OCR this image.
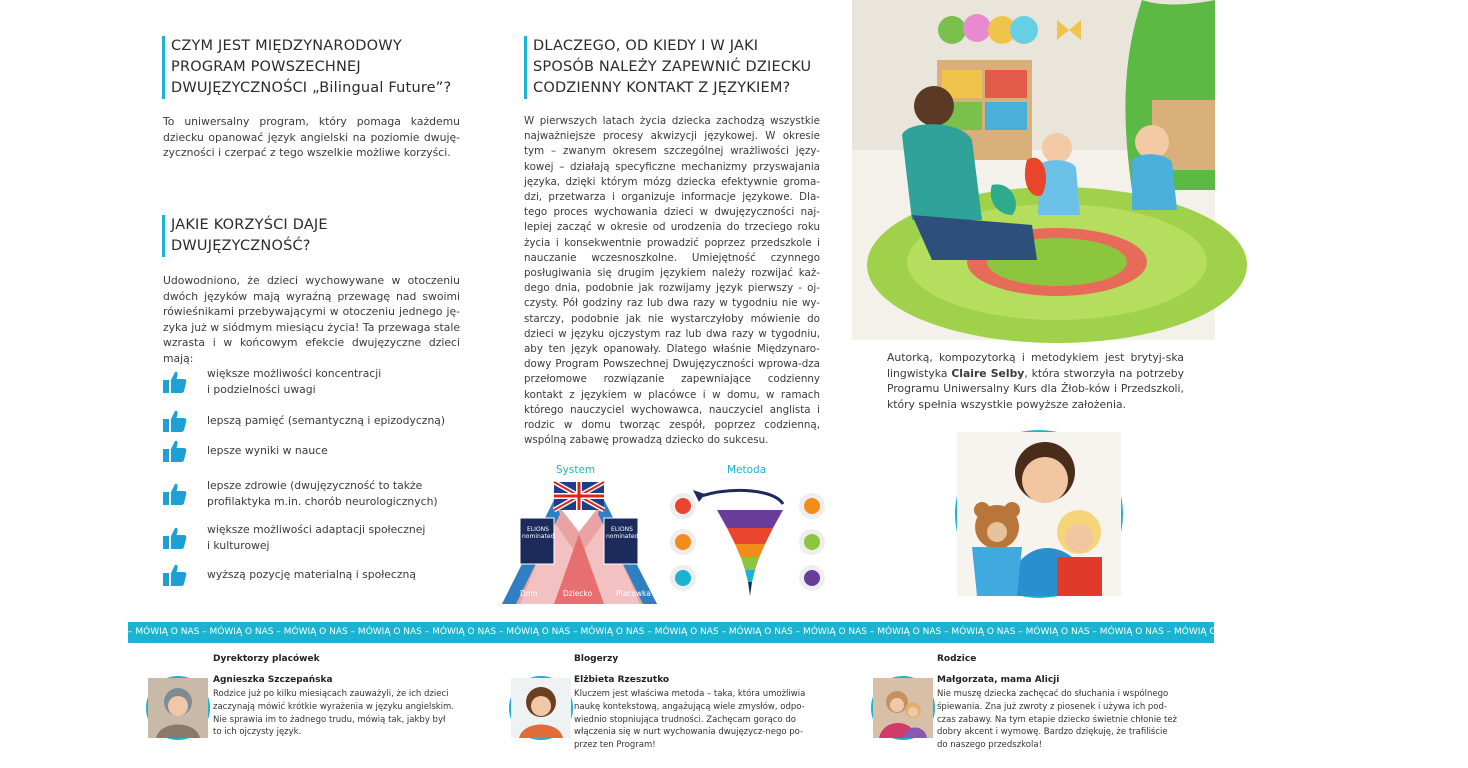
CZYM JEST MIĘDZYNARODOWY
PROGRAM POWSZECHNEJ
DWUJĘZYCZNOŚCI „Bilingual Future”?
To uniwersalny program, który pomaga każdemu dziecku opanować język angielski na poziomie dwuję-zyczności i czerpać z tego wszelkie możliwe korzyści.
JAKIE KORZYŚCI DAJE
DWUJĘZYCZNOŚĆ?
Udowodniono, że dzieci wychowywane w otoczeniu dwóch języków mają wyraźną przewagę nad swoimi rówieśnikami przebywającymi w otoczeniu jednego ję-zyka już w siódmym miesiącu życia! Ta przewaga stale wzrasta i w końcowym efekcie dwujęzyczne dzieci mają:
większe możliwości koncentracji
i podzielności uwagi
lepszą pamięć (semantyczną i epizodyczną)
lepsze wyniki w nauce
lepsze zdrowie (dwujęzyczność to także
profilaktyka m.in. chorób neurologicznych)
większe możliwości adaptacji społecznej
i kulturowej
wyższą pozycję materialną i społeczną
DLACZEGO, OD KIEDY I W JAKI
SPOSÓB NALEŻY ZAPEWNIĆ DZIECKU
CODZIENNY KONTAKT Z JĘZYKIEM?
W pierwszych latach życia dziecka zachodzą wszystkie najważniejsze procesy akwizycji językowej. W okresie tym – zwanym okresem szczególnej wrażliwości języ-kowej – działają specyficzne mechanizmy przyswajania języka, dzięki którym mózg dziecka efektywnie groma-dzi, przetwarza i organizuje informacje językowe. Dla-tego proces wychowania dzieci w dwujęzyczności naj-lepiej zacząć w okresie od urodzenia do trzeciego roku życia i konsekwentnie prowadzić poprzez przedszkole i nauczanie wczesnoszkolne. Umiejętność czynnego posługiwania się drugim językiem należy rozwijać każ-dego dnia, podobnie jak rozwijamy język pierwszy - oj-czysty. Pół godziny raz lub dwa razy w tygodniu nie wy-starczy, podobnie jak nie wystarczyłoby mówienie do dzieci w języku ojczystym raz lub dwa razy w tygodniu, aby ten język opanowały. Dlatego właśnie Międzynaro-dowy Program Powszechnej Dwujęzyczności wprowa-dza przełomowe rozwiązanie zapewniające codzienny kontakt z językiem w placówce i w domu, w ramach którego nauczyciel wychowawca, nauczyciel anglista i rodzic w domu tworząc zespół, poprzez codzienną, wspólną zabawę prowadzą dziecko do sukcesu.
System
ELIONS
nominated
ELIONS
nominated
Dom	Dziecko	Placówka
Metoda
Autorką, kompozytorką i metodykiem jest brytyj-ska lingwistyka Claire Selby, która stworzyła na potrzeby Programu Uniwersalny Kurs dla Żłob-ków i Przedszkoli, który spełnia wszystkie powyższe założenia.
– MÓWIĄ O NAS – MÓWIĄ O NAS – MÓWIĄ O NAS – MÓWIĄ O NAS – MÓWIĄ O NAS – MÓWIĄ O NAS – MÓWIĄ O NAS – MÓWIĄ O NAS – MÓWIĄ O NAS – MÓWIĄ O NAS – MÓWIĄ O NAS – MÓWIĄ O NAS – MÓWIĄ O NAS – MÓWIĄ O NAS – MÓWIĄ O NAS – MÓWIĄ O NAS – MÓWIĄ O NAS – MÓWIĄ O NAS –
Dyrektorzy placówek
Agnieszka Szczepańska
Rodzice już po kilku miesiącach zauważyli, że ich dzieci zaczynają mówić krótkie wyrażenia w języku angielskim. Nie sprawia im to żadnego trudu, mówią tak, jakby był to ich ojczysty język.
Blogerzy
Elżbieta Rzeszutko
Kluczem jest właściwa metoda – taka, która umożliwia naukę kontekstową, angażującą wiele zmysłów, odpo-wiednio stopniująca trudności. Zachęcam gorąco do włączenia się w nurt wychowania dwujęzycz-nego po-przez ten Program!
Rodzice
Małgorzata, mama Alicji
Nie muszę dziecka zachęcać do słuchania i wspólnego śpiewania. Zna już zwroty z piosenek i używa ich pod-czas zabawy. Na tym etapie dziecko świetnie chłonie też dobry akcent i wymowę. Bardzo dziękuję, że trafiliście do naszego przedszkola!
